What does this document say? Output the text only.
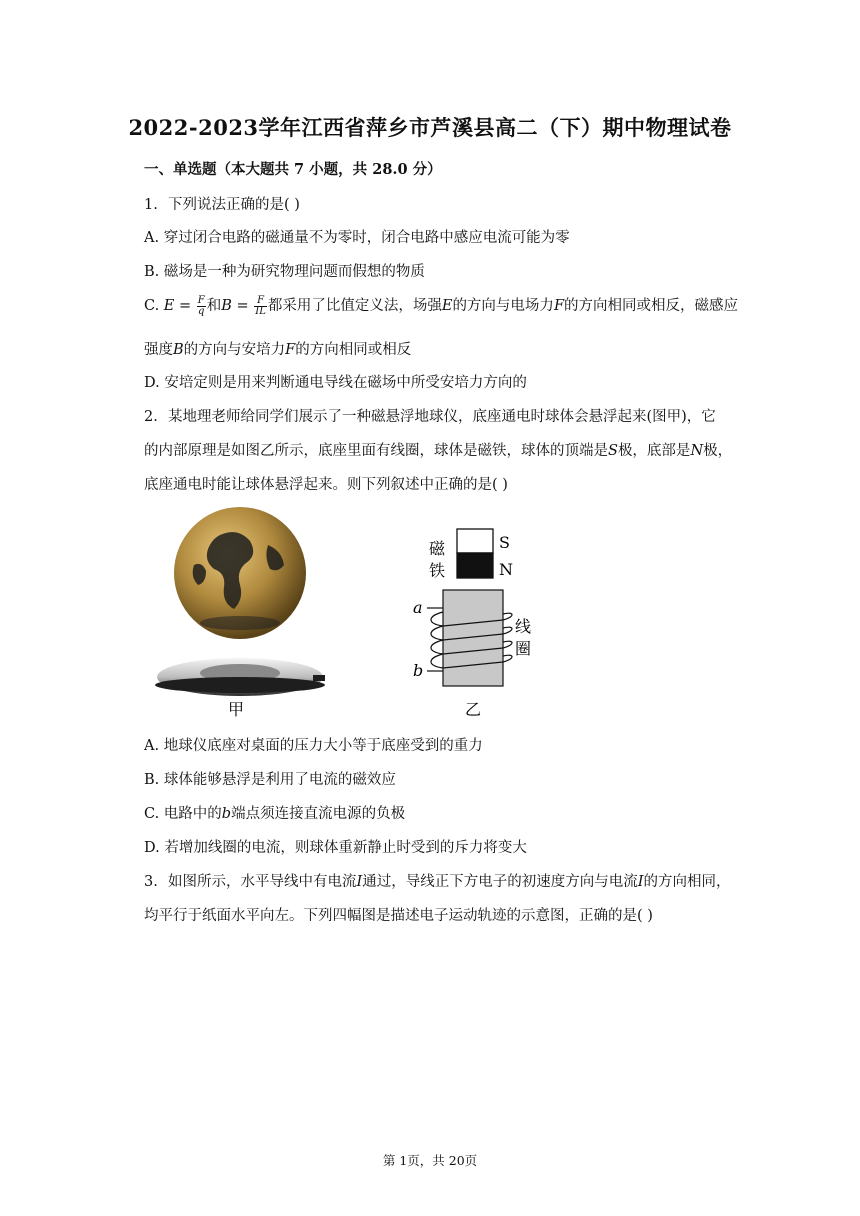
2022-2023学年江西省萍乡市芦溪县高二（下）期中物理试卷
一、单选题（本大题共 7 小题，共 28.0 分）
1. 下列说法正确的是( )
A. 穿过闭合电路的磁通量不为零时，闭合电路中感应电流可能为零
B. 磁场是一种为研究物理问题而假想的物质
C. $E = \frac{F}{q}$ 和$B = \frac{F}{IL}$ 都采用了比值定义法，场强E的方向与电场力F的方向相同或相反，磁感应
强度B的方向与安培力F的方向相同或相反
D. 安培定则是用来判断通电导线在磁场中所受安培力方向的
2. 某地理老师给同学们展示了一种磁悬浮地球仪，底座通电时球体会悬浮起来(图甲)，它
的内部原理是如图乙所示，底座里面有线圈，球体是磁铁，球体的顶端是S极，底部是N极，
底座通电时能让球体悬浮起来。则下列叙述中正确的是( )
甲
磁
铁
S
N
a
b
线
圈
乙
A. 地球仪底座对桌面的压力大小等于底座受到的重力
B. 球体能够悬浮是利用了电流的磁效应
C. 电路中的b端点须连接直流电源的负极
D. 若增加线圈的电流，则球体重新静止时受到的斥力将变大
3. 如图所示，水平导线中有电流I通过，导线正下方电子的初速度方向与电流I的方向相同，
均平行于纸面水平向左。下列四幅图是描述电子运动轨迹的示意图，正确的是( )
第 1页，共 20页
